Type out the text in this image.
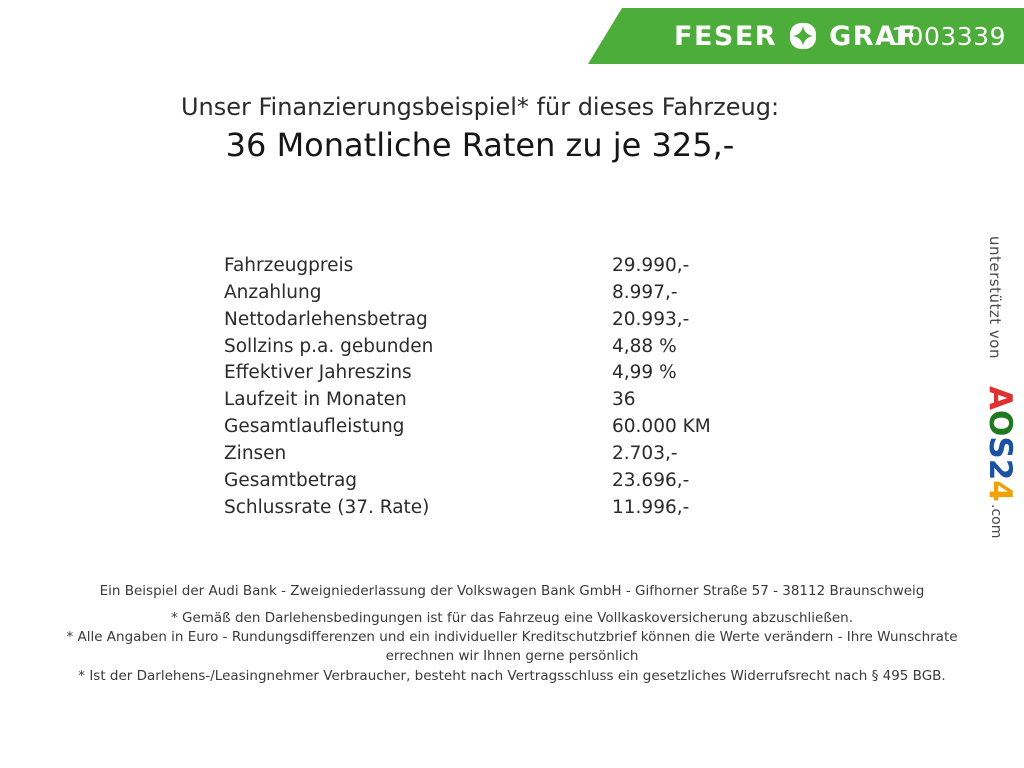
FESER GRAF
1003339
Unser Finanzierungsbeispiel* für dieses Fahrzeug:
36 Monatliche Raten zu je 325,-
Fahrzeugpreis	29.990,-
Anzahlung	8.997,-
Nettodarlehensbetrag	20.993,-
Sollzins p.a. gebunden	4,88 %
Effektiver Jahreszins	4,99 %
Laufzeit in Monaten	36
Gesamtlaufleistung	60.000 KM
Zinsen	2.703,-
Gesamtbetrag	23.696,-
Schlussrate (37. Rate)	11.996,-
unterstützt von
AOS24
.com
Ein Beispiel der Audi Bank - Zweigniederlassung der Volkswagen Bank GmbH - Gifhorner Straße 57 - 38112 Braunschweig
* Gemäß den Darlehensbedingungen ist für das Fahrzeug eine Vollkaskoversicherung abzuschließen.
* Alle Angaben in Euro - Rundungsdifferenzen und ein individueller Kreditschutzbrief können die Werte verändern - Ihre Wunschrate errechnen wir Ihnen gerne persönlich
* Ist der Darlehens-/Leasingnehmer Verbraucher, besteht nach Vertragsschluss ein gesetzliches Widerrufsrecht nach § 495 BGB.
